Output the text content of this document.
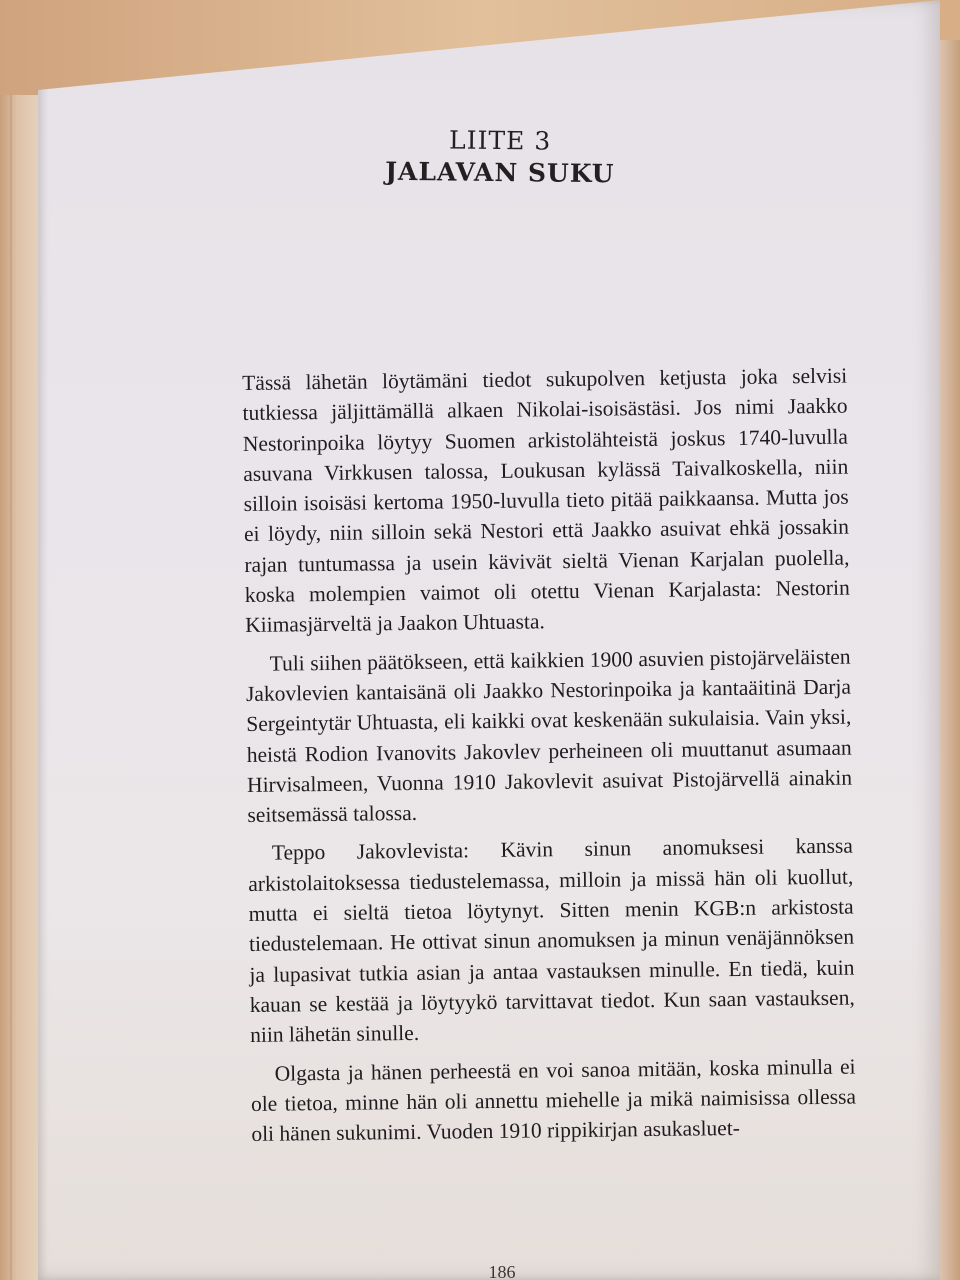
LIITE 3
JALAVAN SUKU

Tässä lähetän löytämäni tiedot sukupolven ketjusta joka selvisi tutkiessa jäljittämällä alkaen Nikolai-isoisästäsi. Jos nimi Jaakko Nestorinpoika löytyy Suomen arkistolähteistä joskus 1740-luvulla asuvana Virkkusen talossa, Loukusan kylässä Taivalkoskella, niin silloin isoisäsi kertoma 1950-luvulla tieto pitää paikkaansa. Mutta jos ei löydy, niin silloin sekä Nestori että Jaakko asuivat ehkä jossakin rajan tuntumassa ja usein kävivät sieltä Vienan Karjalan puolella, koska molempien vaimot oli otettu Vienan Karjalasta: Nestorin Kiimasjärveltä ja Jaakon Uhtuasta.

Tuli siihen päätökseen, että kaikkien 1900 asuvien pistojärveläisten Jakovlevien kantaisänä oli Jaakko Nestorinpoika ja kantaäitinä Darja Sergeintytär Uhtuasta, eli kaikki ovat keskenään sukulaisia. Vain yksi, heistä Rodion Ivanovits Jakovlev perheineen oli muuttanut asumaan Hirvisalmeen, Vuonna 1910 Jakovlevit asuivat Pistojärvellä ainakin seitsemässä talossa.

Teppo Jakovlevista: Kävin sinun anomuksesi kanssa arkistolaitoksessa tiedustelemassa, milloin ja missä hän oli kuollut, mutta ei sieltä tietoa löytynyt. Sitten menin KGB:n arkistosta tiedustelemaan. He ottivat sinun anomuksen ja minun venäjännöksen ja lupasivat tutkia asian ja antaa vastauksen minulle. En tiedä, kuin kauan se kestää ja löytyykö tarvittavat tiedot. Kun saan vastauksen, niin lähetän sinulle.

Olgasta ja hänen perheestä en voi sanoa mitään, koska minulla ei ole tietoa, minne hän oli annettu miehelle ja mikä naimisissa ollessa oli hänen sukunimi. Vuoden 1910 rippikirjan asukasluet-

186
